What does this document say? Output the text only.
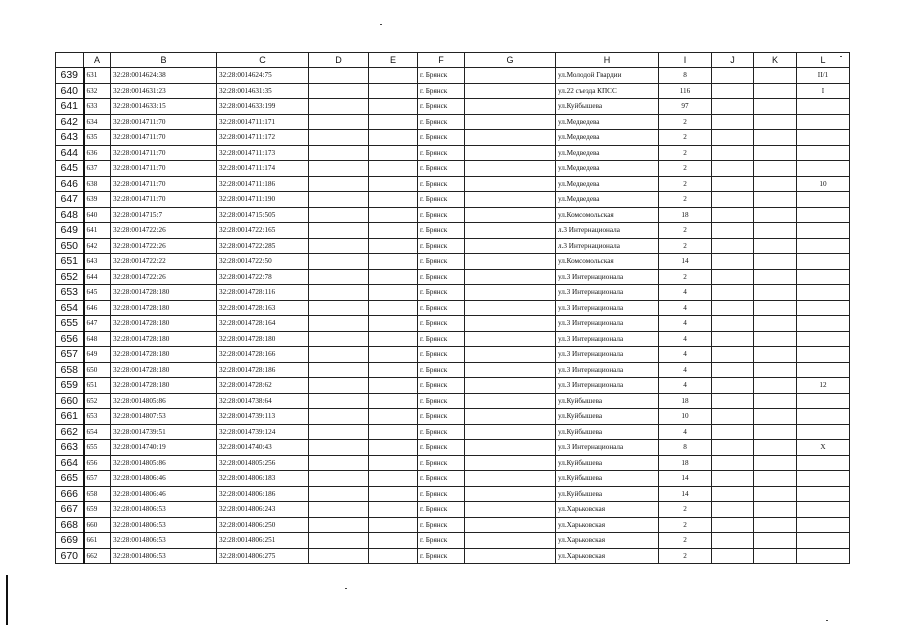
	A	B	C	D	E	F	G	H	I	J	K	L
639	631	32:28:0014624:38	32:28:0014624:75			г. Брянск		ул.Молодой Гвардии	8			II/1
640	632	32:28:0014631:23	32:28:0014631:35			г. Брянск		ул.22 съезда КПСС	116			I
641	633	32:28:0014633:15	32:28:0014633:199			г. Брянск		ул.Куйбышева	97			
642	634	32:28:0014711:70	32:28:0014711:171			г. Брянск		ул.Медведева	2			
643	635	32:28:0014711:70	32:28:0014711:172			г. Брянск		ул.Медведева	2			
644	636	32:28:0014711:70	32:28:0014711:173			г. Брянск		ул.Медведева	2			
645	637	32:28:0014711:70	32:28:0014711:174			г. Брянск		ул.Медведева	2			
646	638	32:28:0014711:70	32:28:0014711:186			г. Брянск		ул.Медведева	2			10
647	639	32:28:0014711:70	32:28:0014711:190			г. Брянск		ул.Медведева	2			
648	640	32:28:0014715:7	32:28:0014715:505			г. Брянск		ул.Комсомольская	18			
649	641	32:28:0014722:26	32:28:0014722:165			г. Брянск		л.3 Интернационала	2			
650	642	32:28:0014722:26	32:28:0014722:285			г. Брянск		л.3 Интернационала	2			
651	643	32:28:0014722:22	32:28:0014722:50			г. Брянск		ул.Комсомольская	14			
652	644	32:28:0014722:26	32:28:0014722:78			г. Брянск		ул.3 Интернационала	2			
653	645	32:28:0014728:180	32:28:0014728:116			г. Брянск		ул.3 Интернационала	4			
654	646	32:28:0014728:180	32:28:0014728:163			г. Брянск		ул.3 Интернационала	4			
655	647	32:28:0014728:180	32:28:0014728:164			г. Брянск		ул.3 Интернационала	4			
656	648	32:28:0014728:180	32:28:0014728:180			г. Брянск		ул.3 Интернационала	4			
657	649	32:28:0014728:180	32:28:0014728:166			г. Брянск		ул.3 Интернационала	4			
658	650	32:28:0014728:180	32:28:0014728:186			г. Брянск		ул.3 Интернационала	4			
659	651	32:28:0014728:180	32:28:0014728:62			г. Брянск		ул.3 Интернационала	4			12
660	652	32:28:0014805:86	32:28:0014738:64			г. Брянск		ул.Куйбышева	18			
661	653	32:28:0014807:53	32:28:0014739:113			г. Брянск		ул.Куйбышева	10			
662	654	32:28:0014739:51	32:28:0014739:124			г. Брянск		ул.Куйбышева	4			
663	655	32:28:0014740:19	32:28:0014740:43			г. Брянск		ул.3 Интернационала	8			X
664	656	32:28:0014805:86	32:28:0014805:256			г. Брянск		ул.Куйбышева	18			
665	657	32:28:0014806:46	32:28:0014806:183			г. Брянск		ул.Куйбышева	14			
666	658	32:28:0014806:46	32:28:0014806:186			г. Брянск		ул.Куйбышева	14			
667	659	32:28:0014806:53	32:28:0014806:243			г. Брянск		ул.Харьковская	2			
668	660	32:28:0014806:53	32:28:0014806:250			г. Брянск		ул.Харьковская	2			
669	661	32:28:0014806:53	32:28:0014806:251			г. Брянск		ул.Харьковская	2			
670	662	32:28:0014806:53	32:28:0014806:275			г. Брянск		ул.Харьковская	2			
